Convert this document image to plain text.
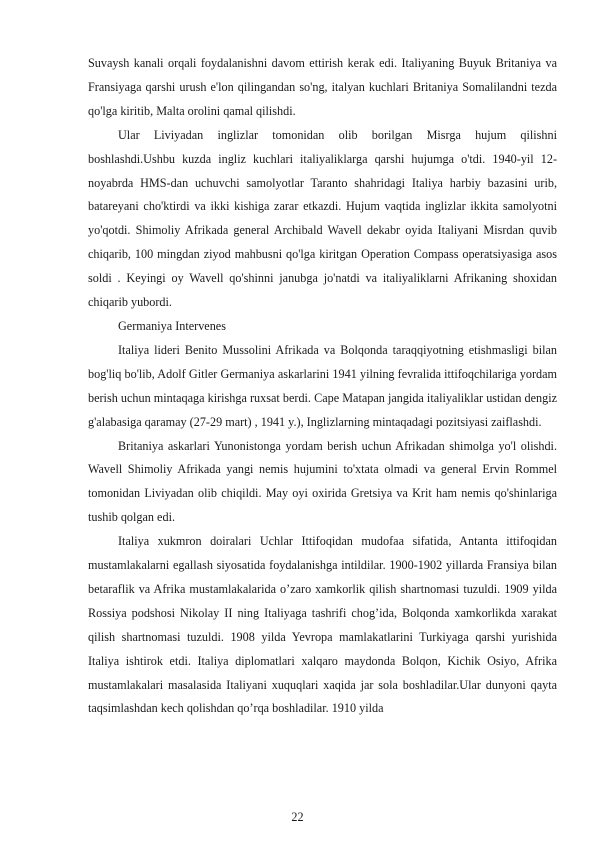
Suvaysh kanali orqali foydalanishni davom ettirish kerak edi. Italiyaning Buyuk Britaniya va Fransiyaga qarshi urush e'lon qilingandan so'ng, italyan kuchlari Britaniya Somalilandni tezda qo'lga kiritib, Malta orolini qamal qilishdi.

Ular Liviyadan inglizlar tomonidan olib borilgan Misrga hujum qilishni boshlashdi.Ushbu kuzda ingliz kuchlari italiyaliklarga qarshi hujumga o'tdi. 1940-yil 12-noyabrda HMS-dan uchuvchi samolyotlar Taranto shahridagi Italiya harbiy bazasini urib, batareyani cho'ktirdi va ikki kishiga zarar etkazdi. Hujum vaqtida inglizlar ikkita samolyotni yo'qotdi. Shimoliy Afrikada general Archibald Wavell dekabr oyida Italiyani Misrdan quvib chiqarib, 100 mingdan ziyod mahbusni qo'lga kiritgan Operation Compass operatsiyasiga asos soldi . Keyingi oy Wavell qo'shinni janubga jo'natdi va italiyaliklarni Afrikaning shoxidan chiqarib yubordi.

Germaniya Intervenes

Italiya lideri Benito Mussolini Afrikada va Bolqonda taraqqiyotning etishmasligi bilan bog'liq bo'lib, Adolf Gitler Germaniya askarlarini 1941 yilning fevralida ittifoqchilariga yordam berish uchun mintaqaga kirishga ruxsat berdi. Cape Matapan jangida italiyaliklar ustidan dengiz g'alabasiga qaramay (27-29 mart) , 1941 y.), Inglizlarning mintaqadagi pozitsiyasi zaiflashdi.

Britaniya askarlari Yunonistonga yordam berish uchun Afrikadan shimolga yo'l olishdi. Wavell Shimoliy Afrikada yangi nemis hujumini to'xtata olmadi va general Ervin Rommel tomonidan Liviyadan olib chiqildi. May oyi oxirida Gretsiya va Krit ham nemis qo'shinlariga tushib qolgan edi.

Italiya xukmron doiralari Uchlar Ittifoqidan mudofaa sifatida, Antanta ittifoqidan mustamlakalarni egallash siyosatida foydalanishga intildilar. 1900-1902 yillarda Fransiya bilan betaraflik va Afrika mustamlakalarida o’zaro xamkorlik qilish shartnomasi tuzuldi. 1909 yilda Rossiya podshosi Nikolay II ning Italiyaga tashrifi chog’ida, Bolqonda xamkorlikda xarakat qilish shartnomasi tuzuldi. 1908 yilda Yevropa mamlakatlarini Turkiyaga qarshi yurishida Italiya ishtirok etdi. Italiya diplomatlari xalqaro maydonda Bolqon, Kichik Osiyo, Afrika mustamlakalari masalasida Italiyani xuquqlari xaqida jar sola boshladilar.Ular dunyoni qayta taqsimlashdan kech qolishdan qo’rqa boshladilar. 1910 yilda

22
